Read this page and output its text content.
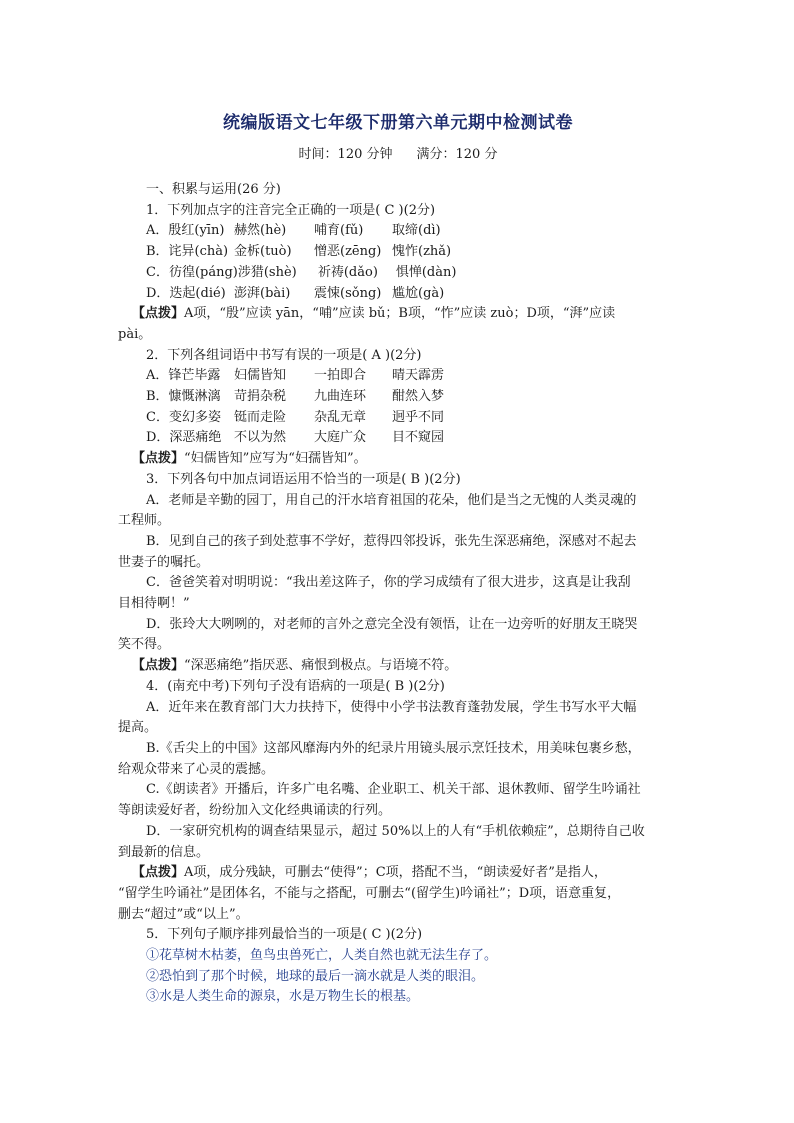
统编版语文七年级下册第六单元期中检测试卷
时间：120 分钟 满分：120 分
一、积累与运用(26 分)
1．下列加点字的注音完全正确的一项是( C )(2分)
A．殷红(yīn) 赫然(hè) 哺育(fǔ) 取缔(dì)
B．诧异(chà) 金柝(tuò) 憎恶(zēng) 愧怍(zhǎ)
C．彷徨(páng)涉猎(shè) 祈祷(dǎo) 惧惮(dàn)
D．迭起(dié) 澎湃(bài) 震悚(sǒng) 尴尬(gà)
【点拨】A项，“殷”应读 yān，“哺”应读 bǔ；B项，“怍”应读 zuò；D项，“湃”应读
pài。
2．下列各组词语中书写有误的一项是( A )(2分)
A．锋芒毕露 妇儒皆知 一拍即合 晴天霹雳
B．慷慨淋漓 苛捐杂税 九曲连环 酣然入梦
C．变幻多姿 铤而走险 杂乱无章 迥乎不同
D．深恶痛绝 不以为然 大庭广众 目不窥园
【点拨】“妇儒皆知”应写为“妇孺皆知”。
3．下列各句中加点词语运用不恰当的一项是( B )(2分)
A．老师是辛勤的园丁，用自己的汗水培育祖国的花朵，他们是当之无愧的人类灵魂的
工程师。
B．见到自己的孩子到处惹事不学好，惹得四邻投诉，张先生深恶痛绝，深感对不起去
世妻子的嘱托。
C．爸爸笑着对明明说：“我出差这阵子，你的学习成绩有了很大进步，这真是让我刮
目相待啊！”
D．张玲大大咧咧的，对老师的言外之意完全没有领悟，让在一边旁听的好朋友王晓哭
笑不得。
【点拨】“深恶痛绝”指厌恶、痛恨到极点。与语境不符。
4．(南充中考)下列句子没有语病的一项是( B )(2分)
A．近年来在教育部门大力扶持下，使得中小学书法教育蓬勃发展，学生书写水平大幅
提高。
B.《舌尖上的中国》这部风靡海内外的纪录片用镜头展示烹饪技术，用美味包裹乡愁，
给观众带来了心灵的震撼。
C.《朗读者》开播后，许多广电名嘴、企业职工、机关干部、退休教师、留学生吟诵社
等朗读爱好者，纷纷加入文化经典诵读的行列。
D．一家研究机构的调查结果显示，超过 50%以上的人有“手机依赖症”，总期待自己收
到最新的信息。
【点拨】A项，成分残缺，可删去“使得”；C项，搭配不当，“朗读爱好者”是指人，
“留学生吟诵社”是团体名，不能与之搭配，可删去“(留学生)吟诵社”；D项，语意重复，
删去“超过”或“以上”。
5．下列句子顺序排列最恰当的一项是( C )(2分)
①花草树木枯萎，鱼鸟虫兽死亡，人类自然也就无法生存了。
②恐怕到了那个时候，地球的最后一滴水就是人类的眼泪。
③水是人类生命的源泉，水是万物生长的根基。
